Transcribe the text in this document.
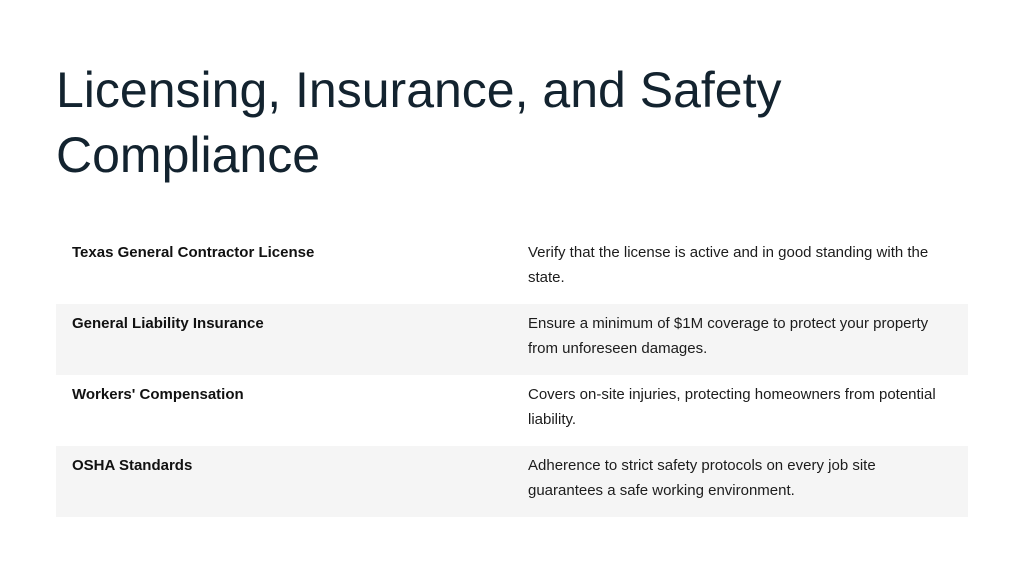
Licensing, Insurance, and Safety Compliance
Texas General Contractor License	Verify that the license is active and in good standing with the state.
General Liability Insurance	Ensure a minimum of $1M coverage to protect your property from unforeseen damages.
Workers' Compensation	Covers on-site injuries, protecting homeowners from potential liability.
OSHA Standards	Adherence to strict safety protocols on every job site guarantees a safe working environment.
